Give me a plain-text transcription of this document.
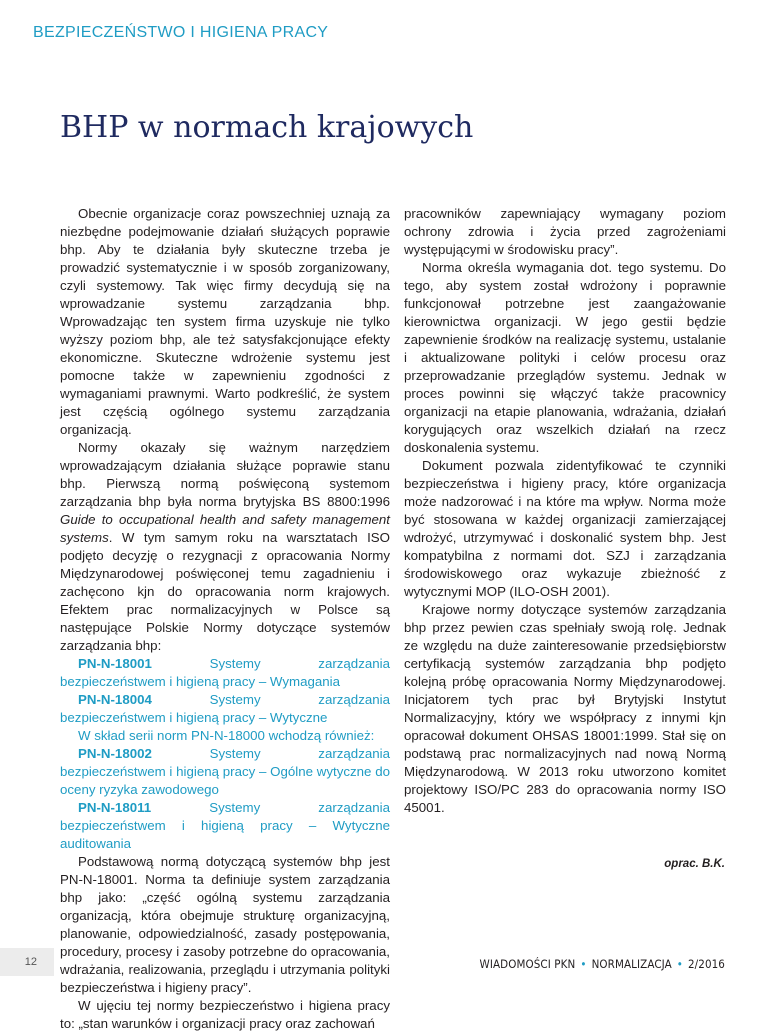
BEZPIECZEŃSTWO I HIGIENA PRACY
BHP w normach krajowych

Obecnie organizacje coraz powszechniej uznają za niezbędne podejmowanie działań służących poprawie bhp. Aby te działania były skuteczne trzeba je prowadzić systematycznie i w sposób zorganizowany, czyli systemowy. Tak więc firmy decydują się na wprowadzanie systemu zarządzania bhp. Wprowadzając ten system firma uzyskuje nie tylko wyższy poziom bhp, ale też satysfakcjonujące efekty ekonomiczne. Skuteczne wdrożenie systemu jest pomocne także w zapewnieniu zgodności z wymaganiami prawnymi. Warto podkreślić, że system jest częścią ogólnego systemu zarządzania organizacją.

Normy okazały się ważnym narzędziem wprowadzającym działania służące poprawie stanu bhp. Pierwszą normą poświęconą systemom zarządzania bhp była norma brytyjska BS 8800:1996 Guide to occupational health and safety management systems. W tym samym roku na warsztatach ISO podjęto decyzję o rezygnacji z opracowania Normy Międzynarodowej poświęconej temu zagadnieniu i zachęcono kjn do opracowania norm krajowych. Efektem prac normalizacyjnych w Polsce są następujące Polskie Normy dotyczące systemów zarządzania bhp:

PN-N-18001 Systemy zarządzania bezpieczeństwem i higieną pracy – Wymagania

PN-N-18004 Systemy zarządzania bezpieczeństwem i higieną pracy – Wytyczne

W skład serii norm PN-N-18000 wchodzą również:

PN-N-18002 Systemy zarządzania bezpieczeństwem i higieną pracy – Ogólne wytyczne do oceny ryzyka zawodowego

PN-N-18011 Systemy zarządzania bezpieczeństwem i higieną pracy – Wytyczne auditowania

Podstawową normą dotyczącą systemów bhp jest PN-N-18001. Norma ta definiuje system zarządzania bhp jako: „część ogólną systemu zarządzania organizacją, która obejmuje strukturę organizacyjną, planowanie, odpowiedzialność, zasady postępowania, procedury, procesy i zasoby potrzebne do opracowania, wdrażania, realizowania, przeglądu i utrzymania polityki bezpieczeństwa i higieny pracy”.

W ujęciu tej normy bezpieczeństwo i higiena pracy to: „stan warunków i organizacji pracy oraz zachowań

pracowników zapewniający wymagany poziom ochrony zdrowia i życia przed zagrożeniami występującymi w środowisku pracy”.

Norma określa wymagania dot. tego systemu. Do tego, aby system został wdrożony i poprawnie funkcjonował potrzebne jest zaangażowanie kierownictwa organizacji. W jego gestii będzie zapewnienie środków na realizację systemu, ustalanie i aktualizowane polityki i celów procesu oraz przeprowadzanie przeglądów systemu. Jednak w proces powinni się włączyć także pracownicy organizacji na etapie planowania, wdrażania, działań korygujących oraz wszelkich działań na rzecz doskonalenia systemu.

Dokument pozwala zidentyfikować te czynniki bezpieczeństwa i higieny pracy, które organizacja może nadzorować i na które ma wpływ. Norma może być stosowana w każdej organizacji zamierzającej wdrożyć, utrzymywać i doskonalić system bhp. Jest kompatybilna z normami dot. SZJ i zarządzania środowiskowego oraz wykazuje zbieżność z wytycznymi MOP (ILO-OSH 2001).

Krajowe normy dotyczące systemów zarządzania bhp przez pewien czas spełniały swoją rolę. Jednak ze względu na duże zainteresowanie przedsiębiorstw certyfikacją systemów zarządzania bhp podjęto kolejną próbę opracowania Normy Międzynarodowej. Inicjatorem tych prac był Brytyjski Instytut Normalizacyjny, który we współpracy z innymi kjn opracował dokument OHSAS 18001:1999. Stał się on podstawą prac normalizacyjnych nad nową Normą Międzynarodową. W 2013 roku utworzono komitet projektowy ISO/PC 283 do opracowania normy ISO 45001.

oprac. B.K.
12	WIADOMOŚCI PKN • NORMALIZACJA • 2/2016
